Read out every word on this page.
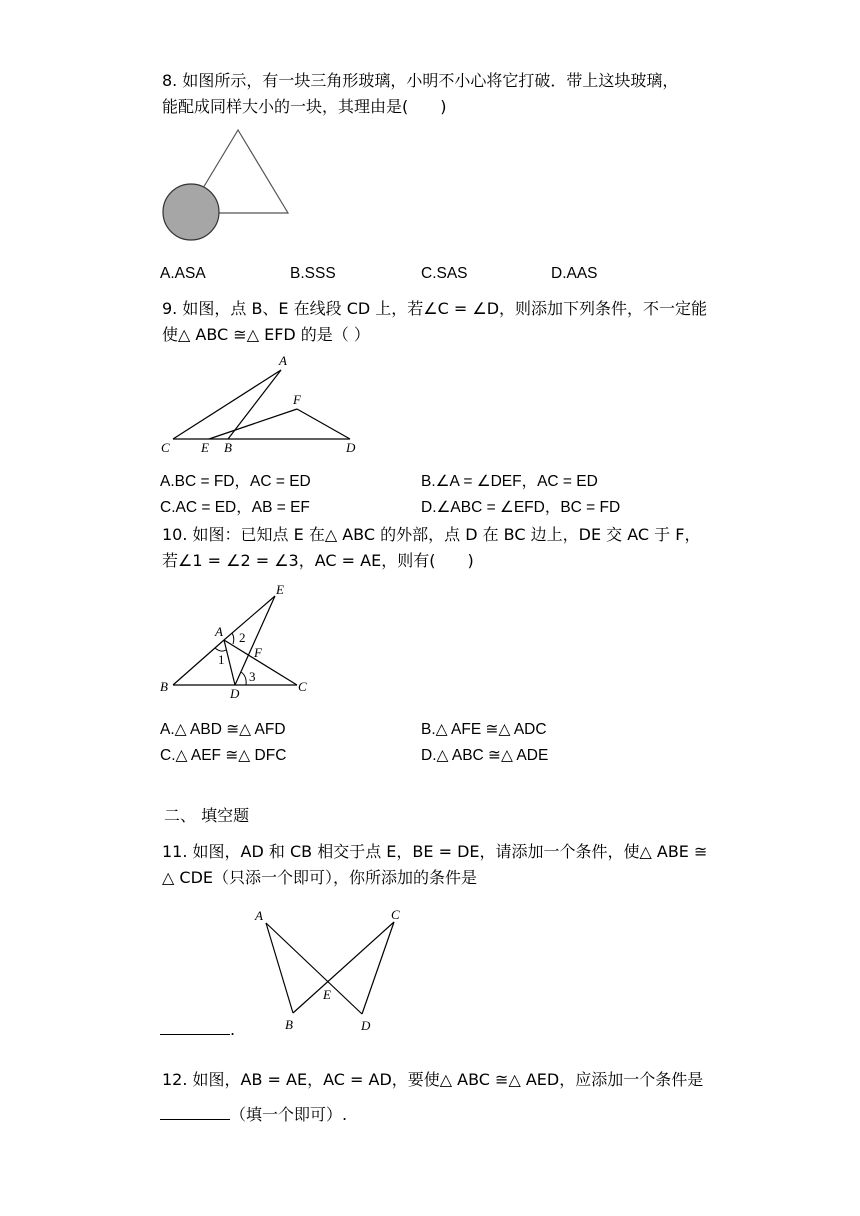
8. 如图所示，有一块三角形玻璃，小明不小心将它打破．带上这块玻璃，
能配成同样大小的一块，其理由是(　　)
A.ASA	B.SSS	C.SAS	D.AAS
9. 如图，点 B、E 在线段 CD 上，若∠C = ∠D，则添加下列条件，不一定能
使△ ABC ≅△ EFD 的是（ ）
A
F
C E B	D
A.BC = FD，AC = ED	B.∠A = ∠DEF，AC = ED
C.AC = ED，AB = EF	D.∠ABC = ∠EFD，BC = FD
10. 如图：已知点 E 在△ ABC 的外部，点 D 在 BC 边上，DE 交 AC 于 F，
若∠1 = ∠2 = ∠3，AC = AE，则有(　　)
E
A 2
1 F
B	D
3
C
A.△ ABD ≅△ AFD	B.△ AFE ≅△ ADC
C.△ AEF ≅△ DFC	D.△ ABC ≅△ ADE
二、 填空题
11. 如图，AD 和 CB 相交于点 E，BE = DE，请添加一个条件，使△ ABE ≅
△ CDE（只添一个即可），你所添加的条件是
A	C
E
B	D
.
12. 如图，AB = AE，AC = AD，要使△ ABC ≅△ AED，应添加一个条件是
（填一个即可）.
